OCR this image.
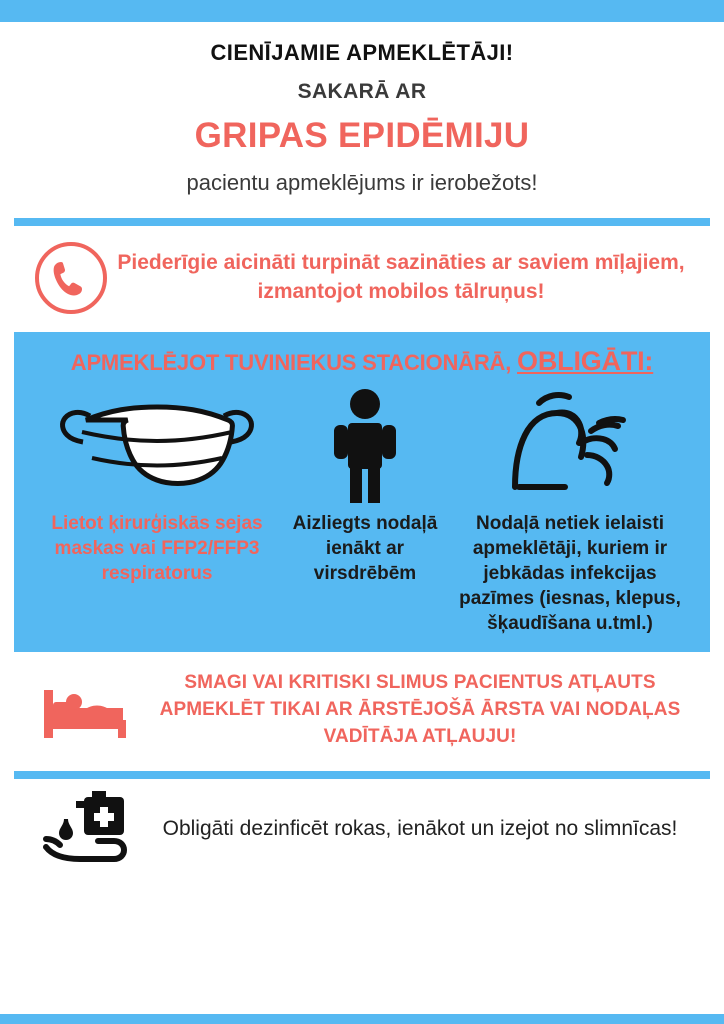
CIENĪJAMIE APMEKLĒTĀJI!
SAKARĀ AR
GRIPAS EPIDĒMIJU
pacientu apmeklējums ir ierobežots!
Piederīgie aicināti turpināt sazināties ar saviem mīļajiem, izmantojot mobilos tālruņus!
APMEKLĒJOT TUVINIEKUS STACIONĀRĀ, OBLIGĀTI:
Lietot ķirurģiskās sejas maskas vai FFP2/FFP3 respiratorus
Aizliegts nodaļā ienākt ar virsdrēbēm
Nodaļā netiek ielaisti apmeklētāji, kuriem ir jebkādas infekcijas pazīmes (iesnas, klepus, šķaudīšana u.tml.)
SMAGI VAI KRITISKI SLIMUS PACIENTUS ATĻAUTS APMEKLĒT TIKAI AR ĀRSTĒJOŠĀ ĀRSTA VAI NODAĻAS VADĪTĀJA ATĻAUJU!
Obligāti dezinficēt rokas, ienākot un izejot no slimnīcas!
